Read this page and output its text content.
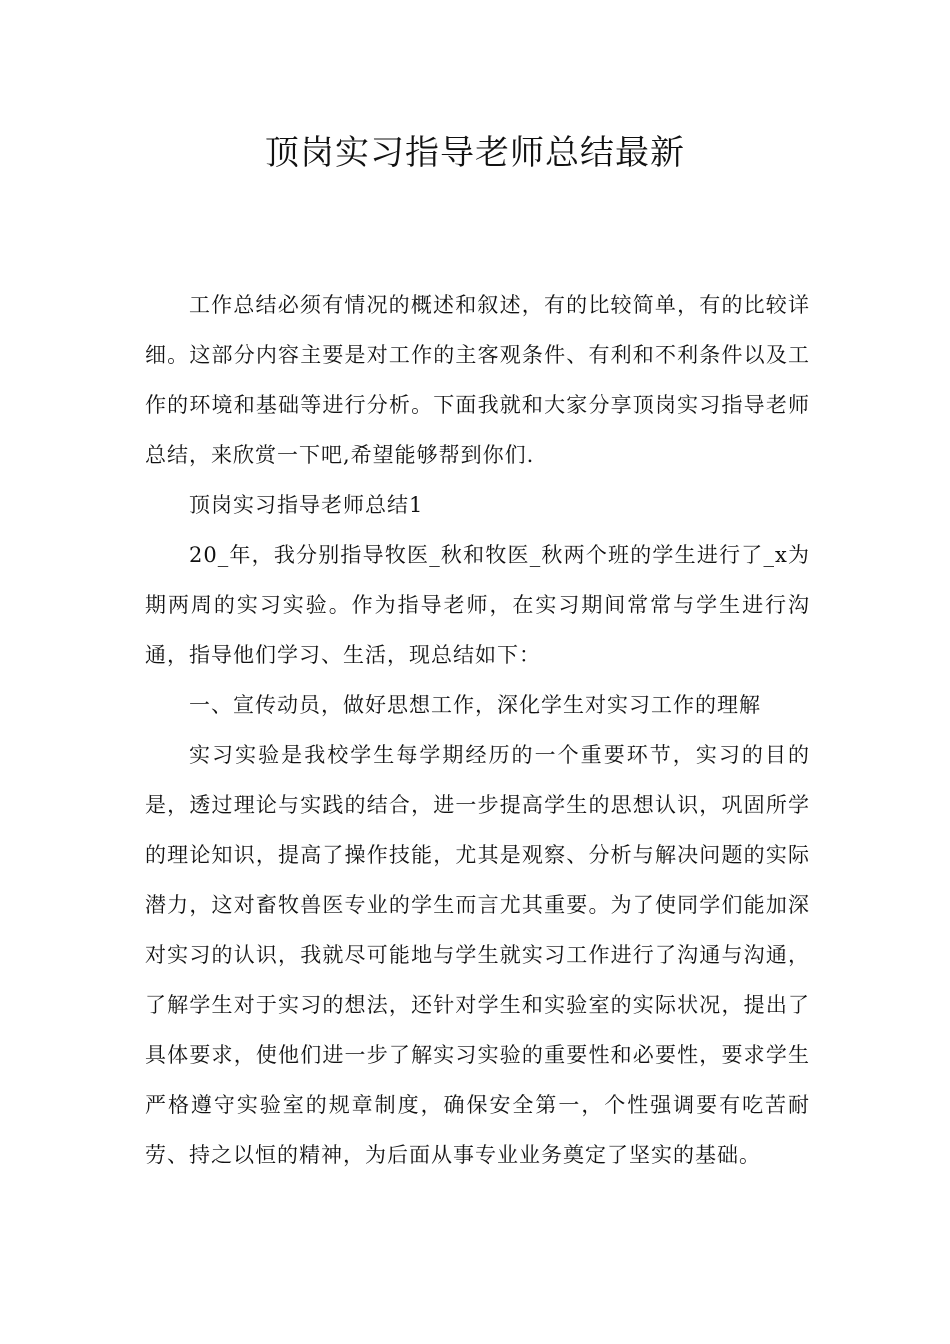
顶岗实习指导老师总结最新

工作总结必须有情况的概述和叙述，有的比较简单，有的比较详细。这部分内容主要是对工作的主客观条件、有利和不利条件以及工作的环境和基础等进行分析。下面我就和大家分享顶岗实习指导老师总结，来欣赏一下吧,希望能够帮到你们.

顶岗实习指导老师总结1

20_年，我分别指导牧医_秋和牧医_秋两个班的学生进行了_x为期两周的实习实验。作为指导老师，在实习期间常常与学生进行沟通，指导他们学习、生活，现总结如下：

一、宣传动员，做好思想工作，深化学生对实习工作的理解

实习实验是我校学生每学期经历的一个重要环节，实习的目的是，透过理论与实践的结合，进一步提高学生的思想认识，巩固所学的理论知识，提高了操作技能，尤其是观察、分析与解决问题的实际潜力，这对畜牧兽医专业的学生而言尤其重要。为了使同学们能加深对实习的认识，我就尽可能地与学生就实习工作进行了沟通与沟通，了解学生对于实习的想法，还针对学生和实验室的实际状况，提出了具体要求，使他们进一步了解实习实验的重要性和必要性，要求学生严格遵守实验室的规章制度，确保安全第一，个性强调要有吃苦耐劳、持之以恒的精神，为后面从事专业业务奠定了坚实的基础。
